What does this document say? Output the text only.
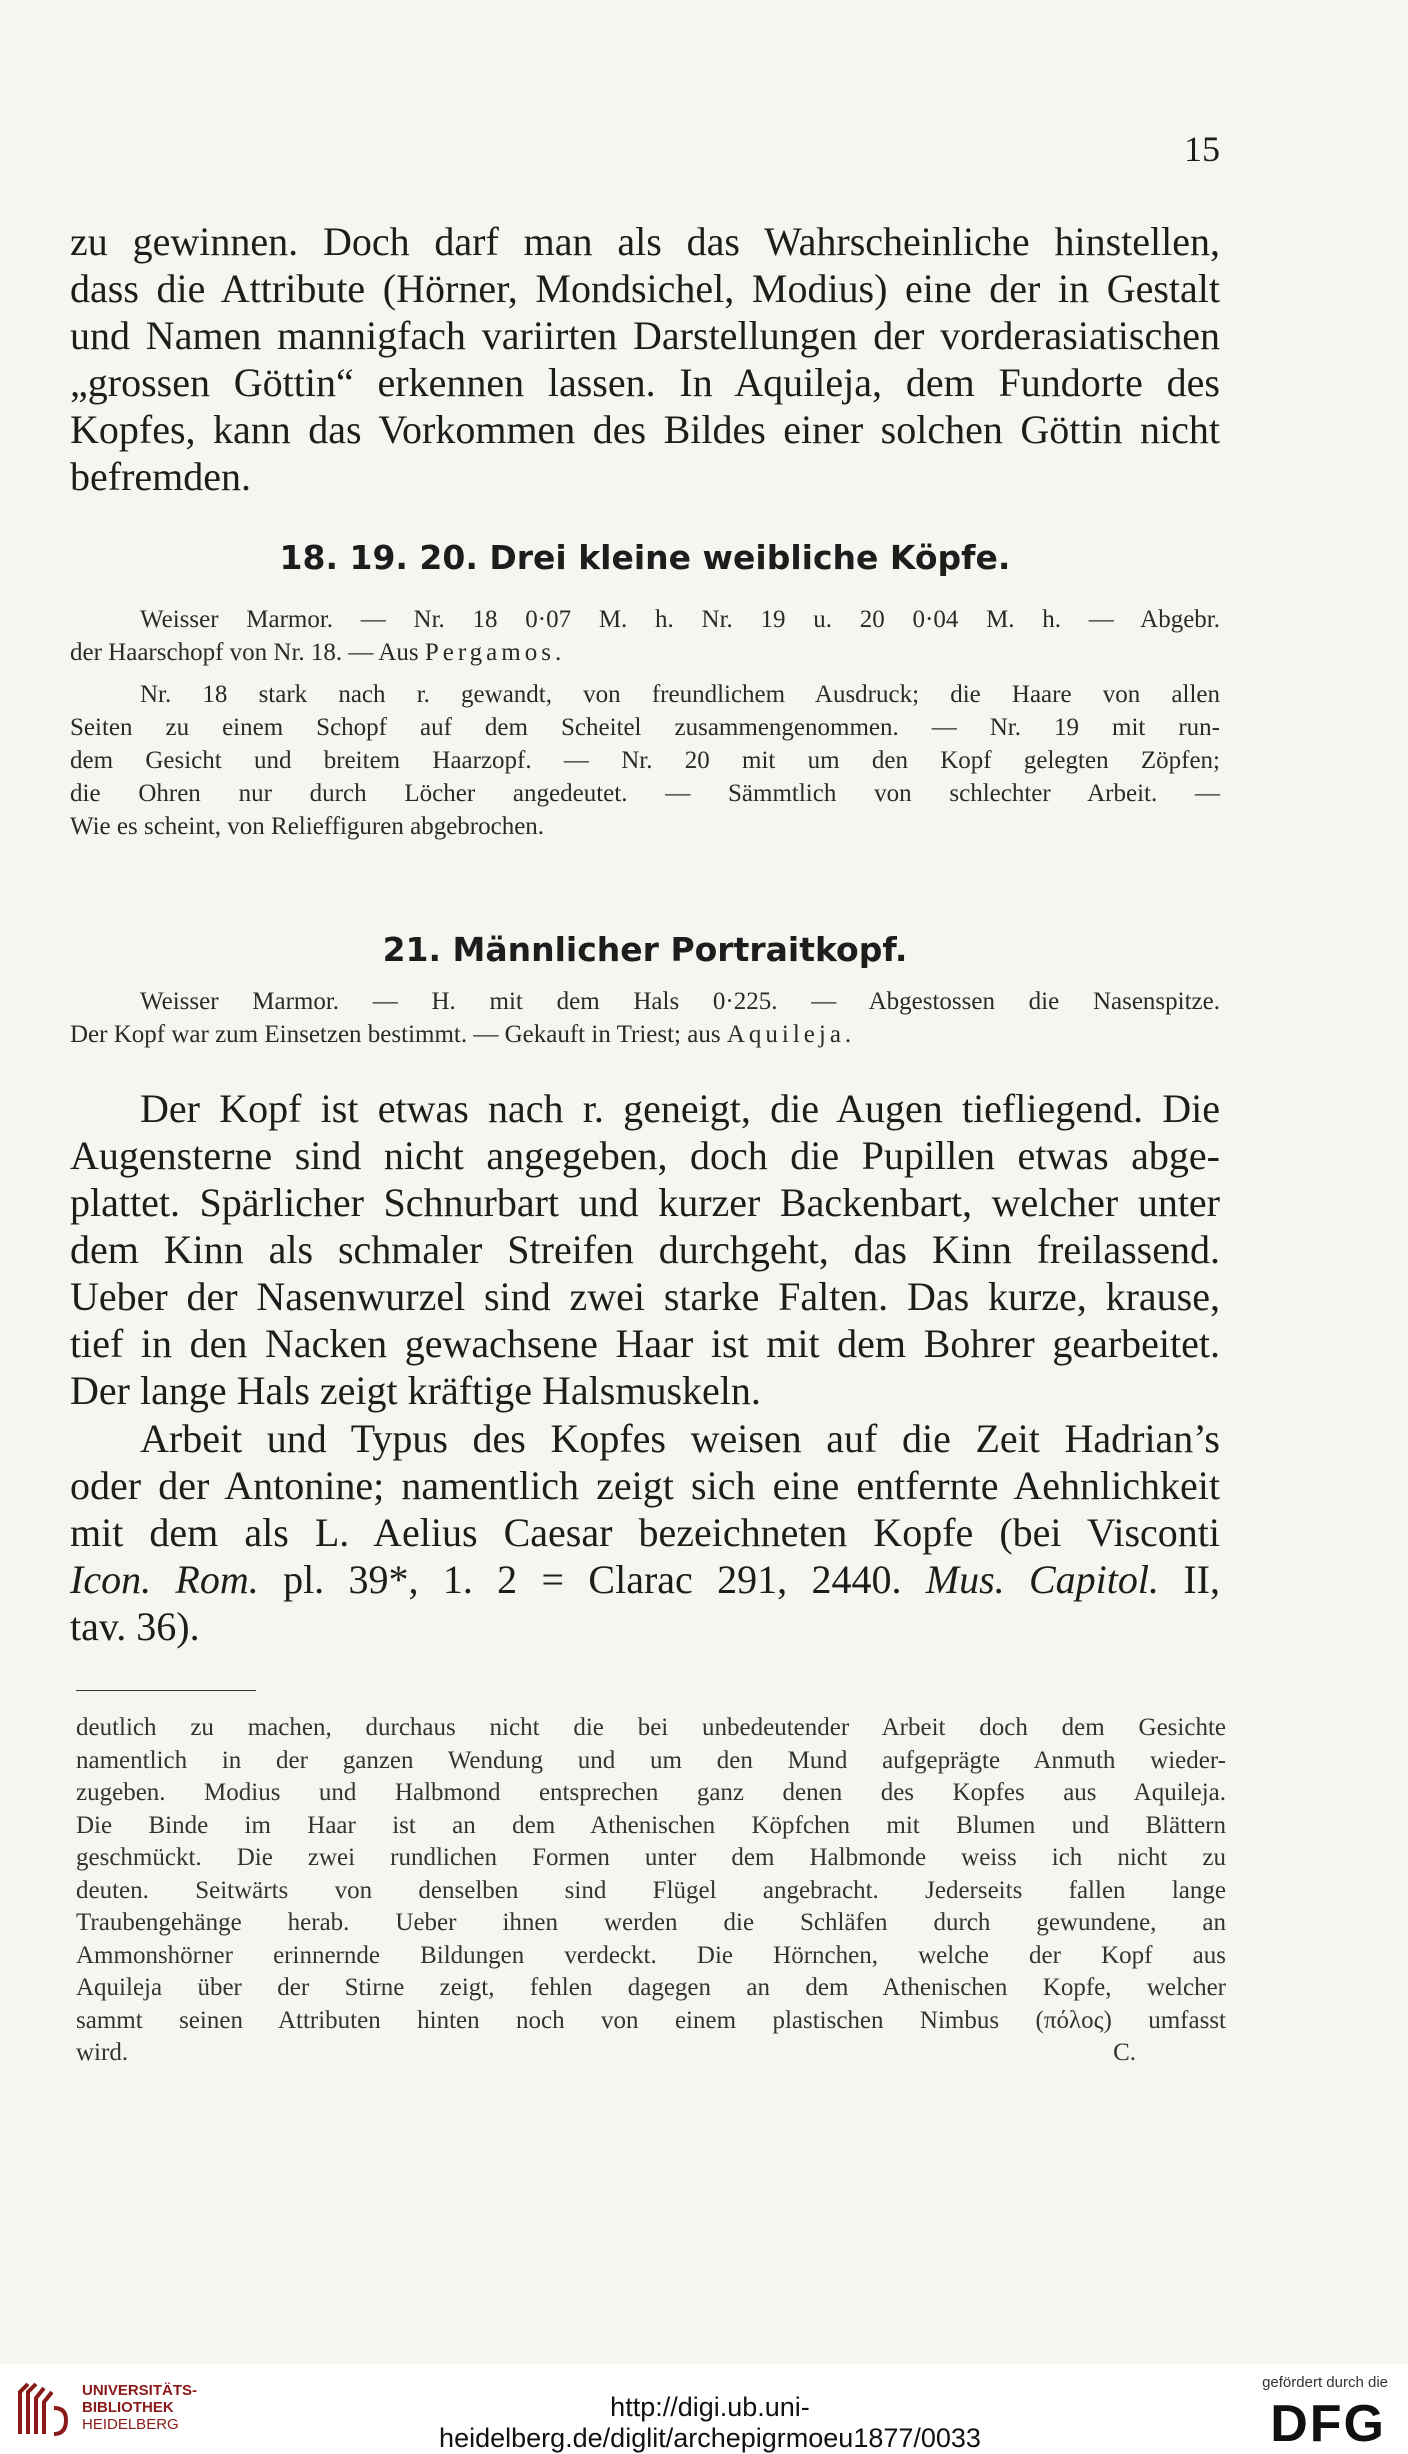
15
zu gewinnen. Doch darf man als das Wahrscheinliche hinstellen,
dass die Attribute (Hörner, Mondsichel, Modius) eine der in Gestalt
und Namen mannigfach variirten Darstellungen der vorderasiatischen
„grossen Göttin“ erkennen lassen. In Aquileja, dem Fundorte des
Kopfes, kann das Vorkommen des Bildes einer solchen Göttin nicht
befremden.
18. 19. 20. Drei kleine weibliche Köpfe.
Weisser Marmor. — Nr. 18 0·07 M. h. Nr. 19 u. 20 0·04 M. h. — Abgebr.
der Haarschopf von Nr. 18. — Aus Pergamos.
Nr. 18 stark nach r. gewandt, von freundlichem Ausdruck; die Haare von allen
Seiten zu einem Schopf auf dem Scheitel zusammengenommen. — Nr. 19 mit run-
dem Gesicht und breitem Haarzopf. — Nr. 20 mit um den Kopf gelegten Zöpfen;
die Ohren nur durch Löcher angedeutet. — Sämmtlich von schlechter Arbeit. —
Wie es scheint, von Relieffiguren abgebrochen.
21. Männlicher Portraitkopf.
Weisser Marmor. — H. mit dem Hals 0·225. — Abgestossen die Nasenspitze.
Der Kopf war zum Einsetzen bestimmt. — Gekauft in Triest; aus Aquileja.
Der Kopf ist etwas nach r. geneigt, die Augen tiefliegend. Die
Augensterne sind nicht angegeben, doch die Pupillen etwas abge-
plattet. Spärlicher Schnurbart und kurzer Backenbart, welcher unter
dem Kinn als schmaler Streifen durchgeht, das Kinn freilassend.
Ueber der Nasenwurzel sind zwei starke Falten. Das kurze, krause,
tief in den Nacken gewachsene Haar ist mit dem Bohrer gearbeitet.
Der lange Hals zeigt kräftige Halsmuskeln.
Arbeit und Typus des Kopfes weisen auf die Zeit Hadrian’s
oder der Antonine; namentlich zeigt sich eine entfernte Aehnlichkeit
mit dem als L. Aelius Caesar bezeichneten Kopfe (bei Visconti
Icon. Rom. pl. 39*, 1. 2 = Clarac 291, 2440. Mus. Capitol. II,
tav. 36).
deutlich zu machen, durchaus nicht die bei unbedeutender Arbeit doch dem Gesichte
namentlich in der ganzen Wendung und um den Mund aufgeprägte Anmuth wieder-
zugeben. Modius und Halbmond entsprechen ganz denen des Kopfes aus Aquileja.
Die Binde im Haar ist an dem Athenischen Köpfchen mit Blumen und Blättern
geschmückt. Die zwei rundlichen Formen unter dem Halbmonde weiss ich nicht zu
deuten. Seitwärts von denselben sind Flügel angebracht. Jederseits fallen lange
Traubengehänge herab. Ueber ihnen werden die Schläfen durch gewundene, an
Ammonshörner erinnernde Bildungen verdeckt. Die Hörnchen, welche der Kopf aus
Aquileja über der Stirne zeigt, fehlen dagegen an dem Athenischen Kopfe, welcher
sammt seinen Attributen hinten noch von einem plastischen Nimbus (πόλος) umfasst
wird.	C.
UNIVERSITÄTS-
BIBLIOTHEK
HEIDELBERG
http://digi.ub.uni-heidelberg.de/diglit/archepigrmoeu1877/0033
gefördert durch die
DFG
